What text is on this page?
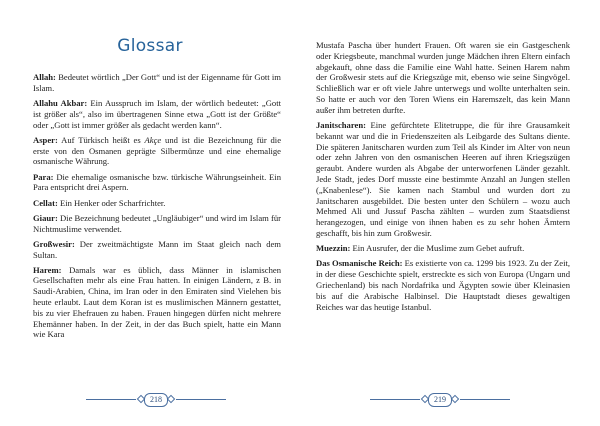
Glossar

Allah: Bedeutet wörtlich „Der Gott“ und ist der Eigenname für Gott im Islam.

Allahu Akbar: Ein Ausspruch im Islam, der wörtlich bedeutet: „Gott ist größer als“, also im übertragenen Sinne etwa „Gott ist der Größte“ oder „Gott ist immer größer als gedacht werden kann“.

Asper: Auf Türkisch heißt es Akçe und ist die Bezeichnung für die erste von den Osmanen geprägte Silbermünze und eine ehemalige osmanische Währung.

Para: Die ehemalige osmanische bzw. türkische Währungseinheit. Ein Para entspricht drei Aspern.

Cellat: Ein Henker oder Scharfrichter.

Giaur: Die Bezeichnung bedeutet „Ungläubiger“ und wird im Islam für Nichtmuslime verwendet.

Großwesir: Der zweitmächtigste Mann im Staat gleich nach dem Sultan.

Harem: Damals war es üblich, dass Männer in islamischen Gesellschaften mehr als eine Frau hatten. In einigen Ländern, z B. in Saudi-Arabien, China, im Iran oder in den Emiraten sind Vielehen bis heute erlaubt. Laut dem Koran ist es muslimischen Männern gestattet, bis zu vier Ehefrauen zu haben. Frauen hingegen dürfen nicht mehrere Ehemänner haben. In der Zeit, in der das Buch spielt, hatte ein Mann wie Kara

218

Mustafa Pascha über hundert Frauen. Oft waren sie ein Gastgeschenk oder Kriegsbeute, manchmal wurden junge Mädchen ihren Eltern einfach abgekauft, ohne dass die Familie eine Wahl hatte. Seinen Harem nahm der Großwesir stets auf die Kriegszüge mit, ebenso wie seine Singvögel. Schließlich war er oft viele Jahre unterwegs und wollte unterhalten sein. So hatte er auch vor den Toren Wiens ein Haremszelt, das kein Mann außer ihm betreten durfte.

Janitscharen: Eine gefürchtete Elitetruppe, die für ihre Grausamkeit bekannt war und die in Friedenszeiten als Leibgarde des Sultans diente. Die späteren Janitscharen wurden zum Teil als Kinder im Alter von neun oder zehn Jahren von den osmanischen Heeren auf ihren Kriegszügen geraubt. Andere wurden als Abgabe der unterworfenen Länder gezahlt. Jede Stadt, jedes Dorf musste eine bestimmte Anzahl an Jungen stellen („Knabenlese“). Sie kamen nach Stambul und wurden dort zu Janitscharen ausgebildet. Die besten unter den Schülern – wozu auch Mehmed Ali und Jussuf Pascha zählten – wurden zum Staatsdienst herangezogen, und einige von ihnen haben es zu sehr hohen Ämtern geschafft, bis hin zum Großwesir.

Muezzin: Ein Ausrufer, der die Muslime zum Gebet aufruft.

Das Osmanische Reich: Es existierte von ca. 1299 bis 1923. Zu der Zeit, in der diese Geschichte spielt, erstreckte es sich von Europa (Ungarn und Griechenland) bis nach Nordafrika und Ägypten sowie über Kleinasien bis auf die Arabische Halbinsel. Die Hauptstadt dieses gewaltigen Reiches war das heutige Istanbul.

219
